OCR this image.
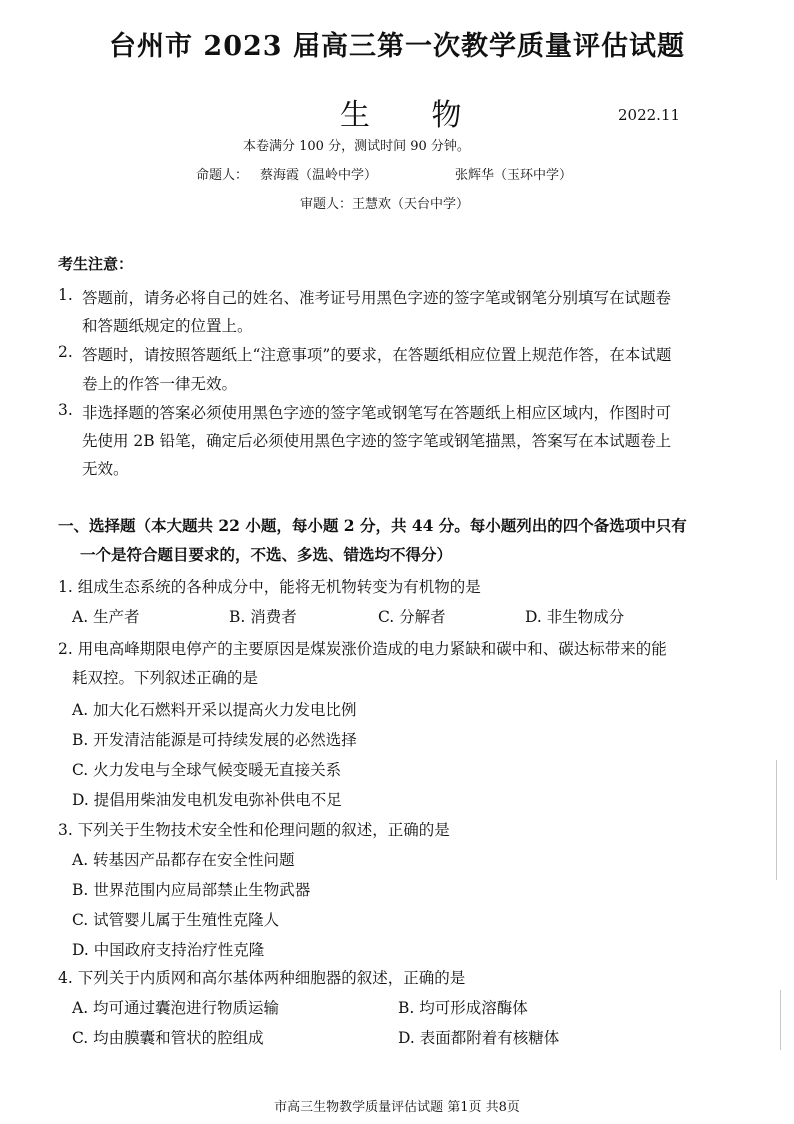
台州市 2023 届高三第一次教学质量评估试题
生 物	2022.11
本卷满分 100 分，测试时间 90 分钟。
命题人： 蔡海霞（温岭中学）	张辉华（玉环中学）
审题人：王慧欢（天台中学）
考生注意：
1. 答题前，请务必将自己的姓名、准考证号用黑色字迹的签字笔或钢笔分别填写在试题卷
和答题纸规定的位置上。
2. 答题时，请按照答题纸上“注意事项”的要求，在答题纸相应位置上规范作答，在本试题
卷上的作答一律无效。
3. 非选择题的答案必须使用黑色字迹的签字笔或钢笔写在答题纸上相应区域内，作图时可
先使用 2B 铅笔，确定后必须使用黑色字迹的签字笔或钢笔描黑，答案写在本试题卷上
无效。
一、选择题（本大题共 22 小题，每小题 2 分，共 44 分。每小题列出的四个备选项中只有
一个是符合题目要求的，不选、多选、错选均不得分）
1. 组成生态系统的各种成分中，能将无机物转变为有机物的是
A. 生产者	B. 消费者	C. 分解者	D. 非生物成分
2. 用电高峰期限电停产的主要原因是煤炭涨价造成的电力紧缺和碳中和、碳达标带来的能
耗双控。下列叙述正确的是
A. 加大化石燃料开采以提高火力发电比例
B. 开发清洁能源是可持续发展的必然选择
C. 火力发电与全球气候变暖无直接关系
D. 提倡用柴油发电机发电弥补供电不足
3. 下列关于生物技术安全性和伦理问题的叙述，正确的是
A. 转基因产品都存在安全性问题
B. 世界范围内应局部禁止生物武器
C. 试管婴儿属于生殖性克隆人
D. 中国政府支持治疗性克隆
4. 下列关于内质网和高尔基体两种细胞器的叙述，正确的是
A. 均可通过囊泡进行物质运输	B. 均可形成溶酶体
C. 均由膜囊和管状的腔组成	D. 表面都附着有核糖体
市高三生物教学质量评估试题 第1页 共8页
